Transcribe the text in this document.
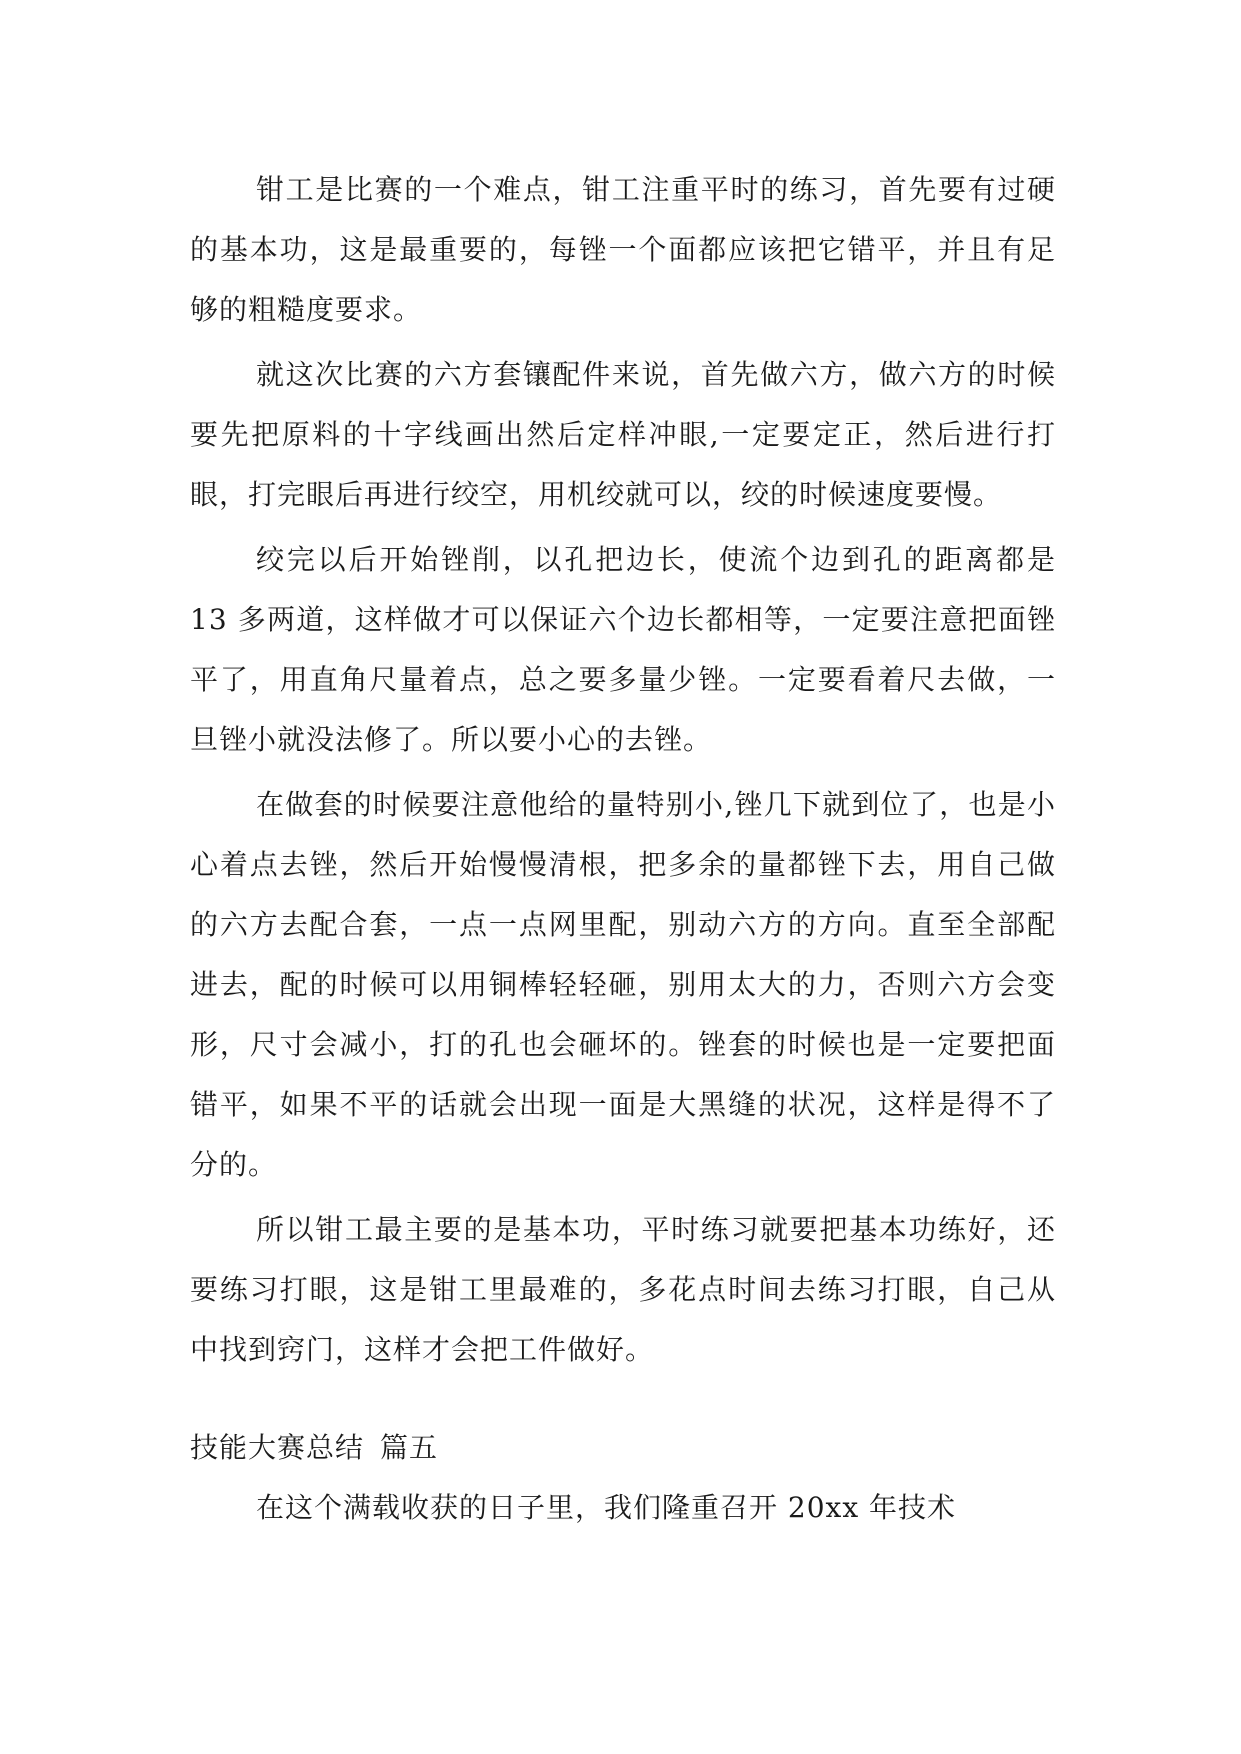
钳工是比赛的一个难点，钳工注重平时的练习，首先要有过硬的基本功，这是最重要的，每锉一个面都应该把它错平，并且有足够的粗糙度要求。

就这次比赛的六方套镶配件来说，首先做六方，做六方的时候要先把原料的十字线画出然后定样冲眼,一定要定正，然后进行打眼，打完眼后再进行绞空，用机绞就可以，绞的时候速度要慢。

绞完以后开始锉削，以孔把边长，使流个边到孔的距离都是 13 多两道，这样做才可以保证六个边长都相等，一定要注意把面锉平了，用直角尺量着点，总之要多量少锉。一定要看着尺去做，一旦锉小就没法修了。所以要小心的去锉。

在做套的时候要注意他给的量特别小,锉几下就到位了，也是小心着点去锉，然后开始慢慢清根，把多余的量都锉下去，用自己做的六方去配合套，一点一点网里配，别动六方的方向。直至全部配进去，配的时候可以用铜棒轻轻砸，别用太大的力，否则六方会变形，尺寸会减小，打的孔也会砸坏的。锉套的时候也是一定要把面错平，如果不平的话就会出现一面是大黑缝的状况，这样是得不了分的。

所以钳工最主要的是基本功，平时练习就要把基本功练好，还要练习打眼，这是钳工里最难的，多花点时间去练习打眼，自己从中找到窍门，这样才会把工件做好。

技能大赛总结 篇五

在这个满载收获的日子里，我们隆重召开 20xx 年技术
